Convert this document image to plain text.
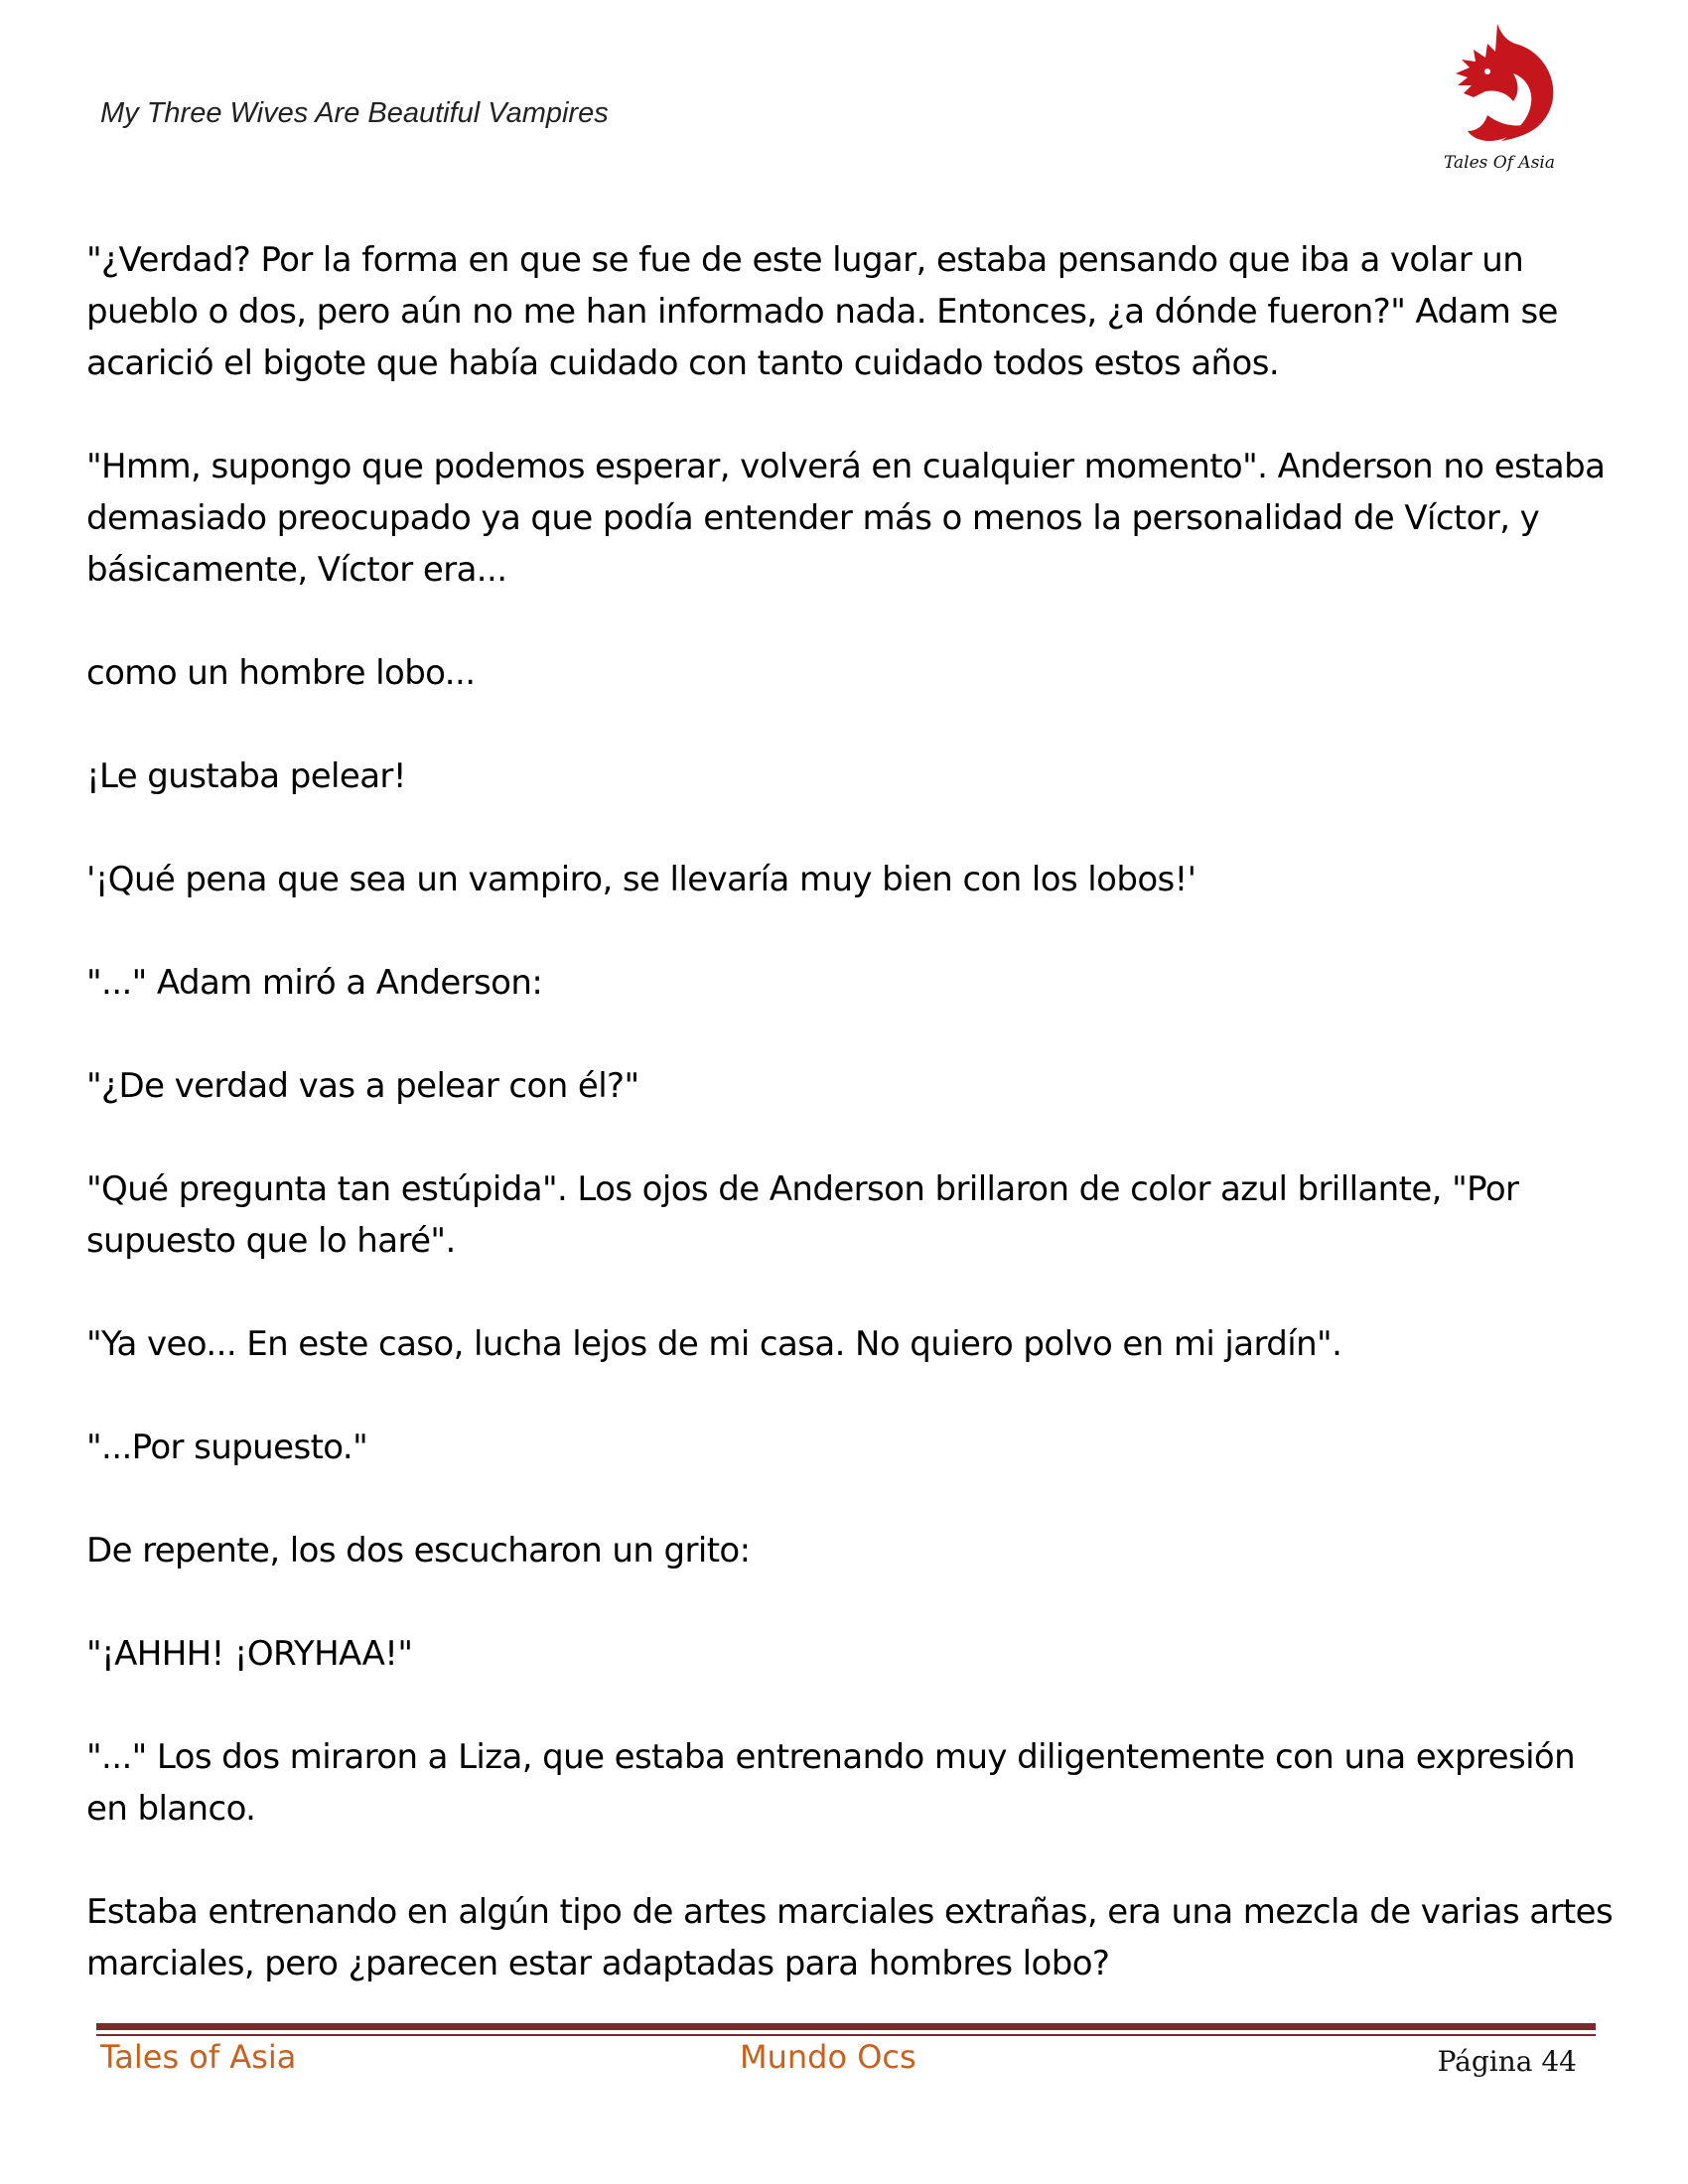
My Three Wives Are Beautiful Vampires
Tales Of Asia

"¿Verdad? Por la forma en que se fue de este lugar, estaba pensando que iba a volar un pueblo o dos, pero aún no me han informado nada. Entonces, ¿a dónde fueron?" Adam se acarició el bigote que había cuidado con tanto cuidado todos estos años.

"Hmm, supongo que podemos esperar, volverá en cualquier momento". Anderson no estaba demasiado preocupado ya que podía entender más o menos la personalidad de Víctor, y básicamente, Víctor era...

como un hombre lobo...

¡Le gustaba pelear!

'¡Qué pena que sea un vampiro, se llevaría muy bien con los lobos!'

"..." Adam miró a Anderson:

"¿De verdad vas a pelear con él?"

"Qué pregunta tan estúpida". Los ojos de Anderson brillaron de color azul brillante, "Por supuesto que lo haré".

"Ya veo... En este caso, lucha lejos de mi casa. No quiero polvo en mi jardín".

"...Por supuesto."

De repente, los dos escucharon un grito:

"¡AHHH! ¡ORYHAA!"

"..." Los dos miraron a Liza, que estaba entrenando muy diligentemente con una expresión en blanco.

Estaba entrenando en algún tipo de artes marciales extrañas, era una mezcla de varias artes marciales, pero ¿parecen estar adaptadas para hombres lobo?

Tales of Asia	Mundo Ocs	Página 44
